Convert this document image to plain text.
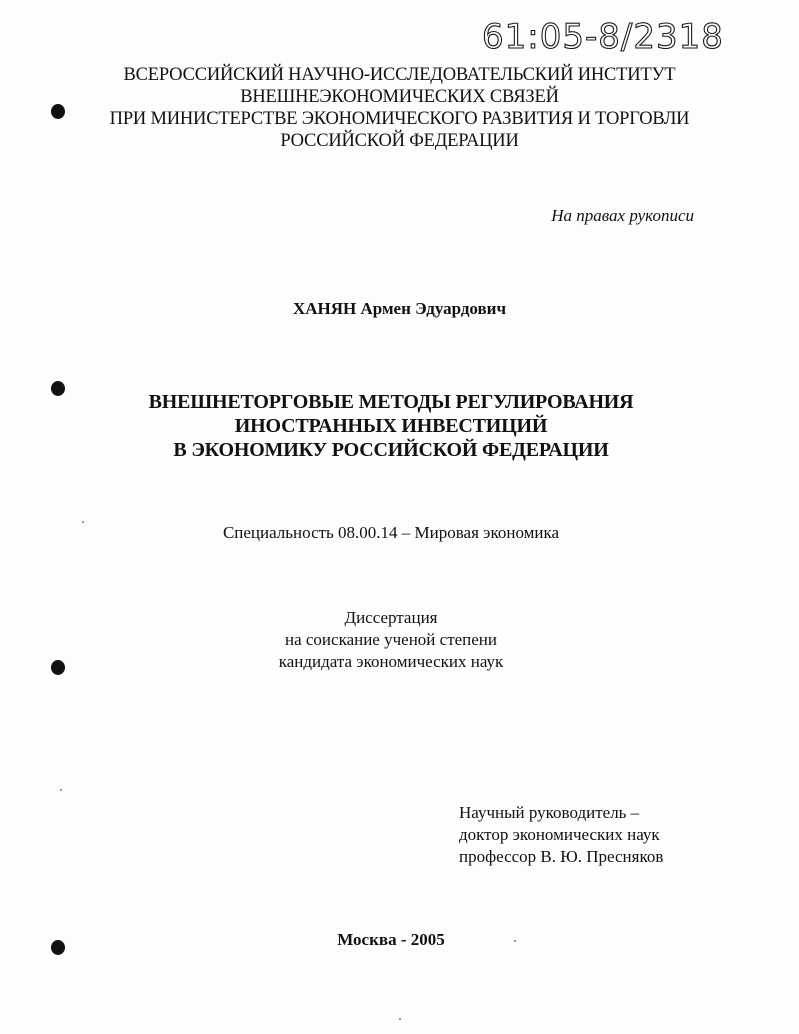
61:05-8/2318
ВСЕРОССИЙСКИЙ НАУЧНО-ИССЛЕДОВАТЕЛЬСКИЙ ИНСТИТУТ
ВНЕШНЕЭКОНОМИЧЕСКИХ СВЯЗЕЙ
ПРИ МИНИСТЕРСТВЕ ЭКОНОМИЧЕСКОГО РАЗВИТИЯ И ТОРГОВЛИ
РОССИЙСКОЙ ФЕДЕРАЦИИ
На правах рукописи
ХАНЯН Армен Эдуардович
ВНЕШНЕТОРГОВЫЕ МЕТОДЫ РЕГУЛИРОВАНИЯ
ИНОСТРАННЫХ ИНВЕСТИЦИЙ
В ЭКОНОМИКУ РОССИЙСКОЙ ФЕДЕРАЦИИ
Специальность 08.00.14 – Мировая экономика
Диссертация
на соискание ученой степени
кандидата экономических наук
Научный руководитель –
доктор экономических наук
профессор В. Ю. Пресняков
Москва - 2005
